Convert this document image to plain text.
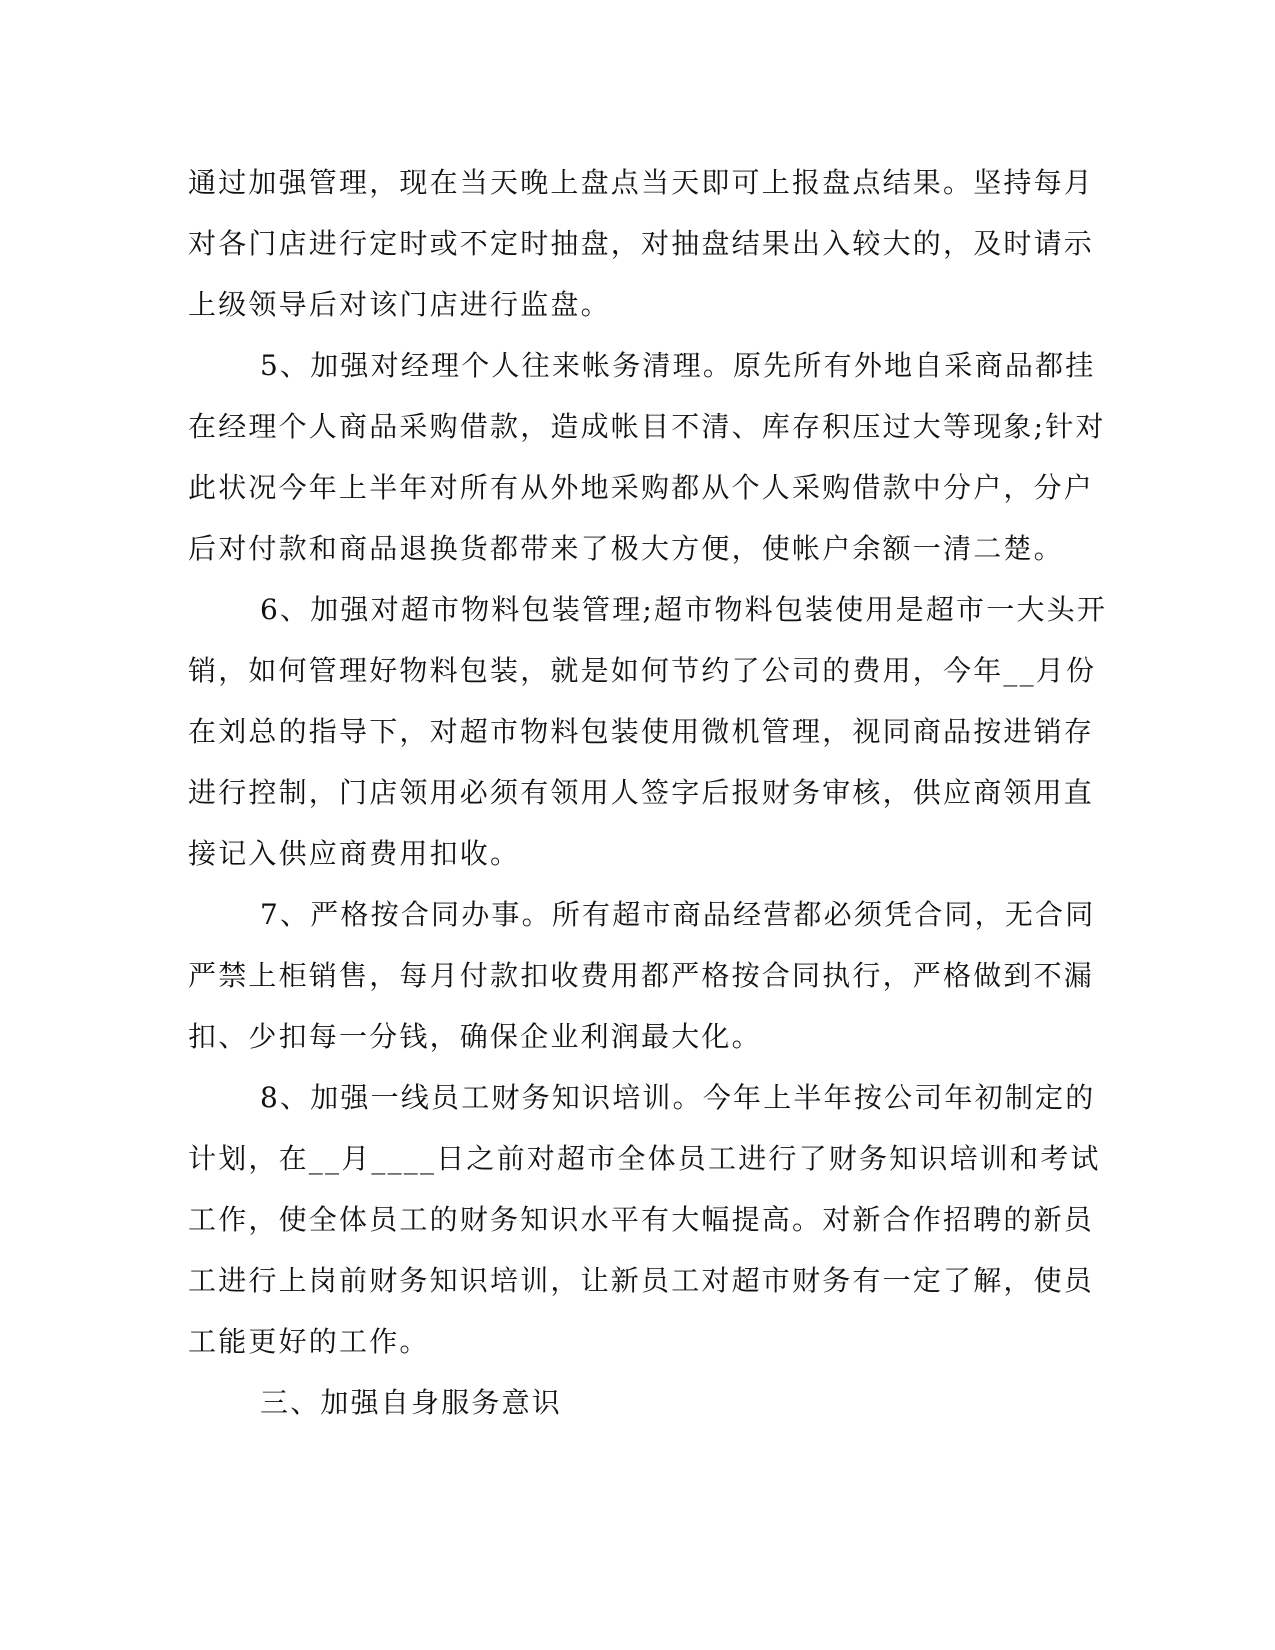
通过加强管理，现在当天晚上盘点当天即可上报盘点结果。坚持每月
对各门店进行定时或不定时抽盘，对抽盘结果出入较大的，及时请示
上级领导后对该门店进行监盘。
5、加强对经理个人往来帐务清理。原先所有外地自采商品都挂
在经理个人商品采购借款，造成帐目不清、库存积压过大等现象;针对
此状况今年上半年对所有从外地采购都从个人采购借款中分户，分户
后对付款和商品退换货都带来了极大方便，使帐户余额一清二楚。
6、加强对超市物料包装管理;超市物料包装使用是超市一大头开
销，如何管理好物料包装，就是如何节约了公司的费用，今年__月份
在刘总的指导下，对超市物料包装使用微机管理，视同商品按进销存
进行控制，门店领用必须有领用人签字后报财务审核，供应商领用直
接记入供应商费用扣收。
7、严格按合同办事。所有超市商品经营都必须凭合同，无合同
严禁上柜销售，每月付款扣收费用都严格按合同执行，严格做到不漏
扣、少扣每一分钱，确保企业利润最大化。
8、加强一线员工财务知识培训。今年上半年按公司年初制定的
计划，在__月____日之前对超市全体员工进行了财务知识培训和考试
工作，使全体员工的财务知识水平有大幅提高。对新合作招聘的新员
工进行上岗前财务知识培训，让新员工对超市财务有一定了解，使员
工能更好的工作。
三、加强自身服务意识
